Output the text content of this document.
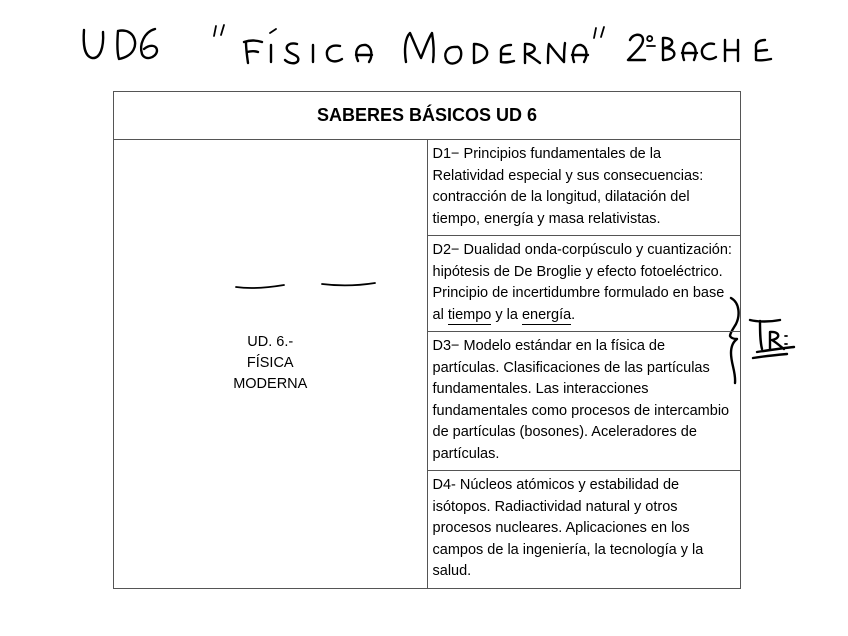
SABERES BÁSICOS UD 6

UD. 6.-
FÍSICA
MODERNA
	D1− Principios fundamentales de la Relatividad especial y sus consecuencias: contracción de la longitud, dilatación del tiempo, energía y masa relativistas.
D2− Dualidad onda-corpúsculo y cuantización: hipótesis de De Broglie y efecto fotoeléctrico. Principio de incertidumbre formulado en base al tiempo y la energía.
D3− Modelo estándar en la física de partículas. Clasificaciones de las partículas fundamentales. Las interacciones fundamentales como procesos de intercambio de partículas (bosones). Aceleradores de partículas.
D4- Núcleos atómicos y estabilidad de isótopos. Radiactividad natural y otros procesos nucleares. Aplicaciones en los campos de la ingeniería, la tecnología y la salud.
